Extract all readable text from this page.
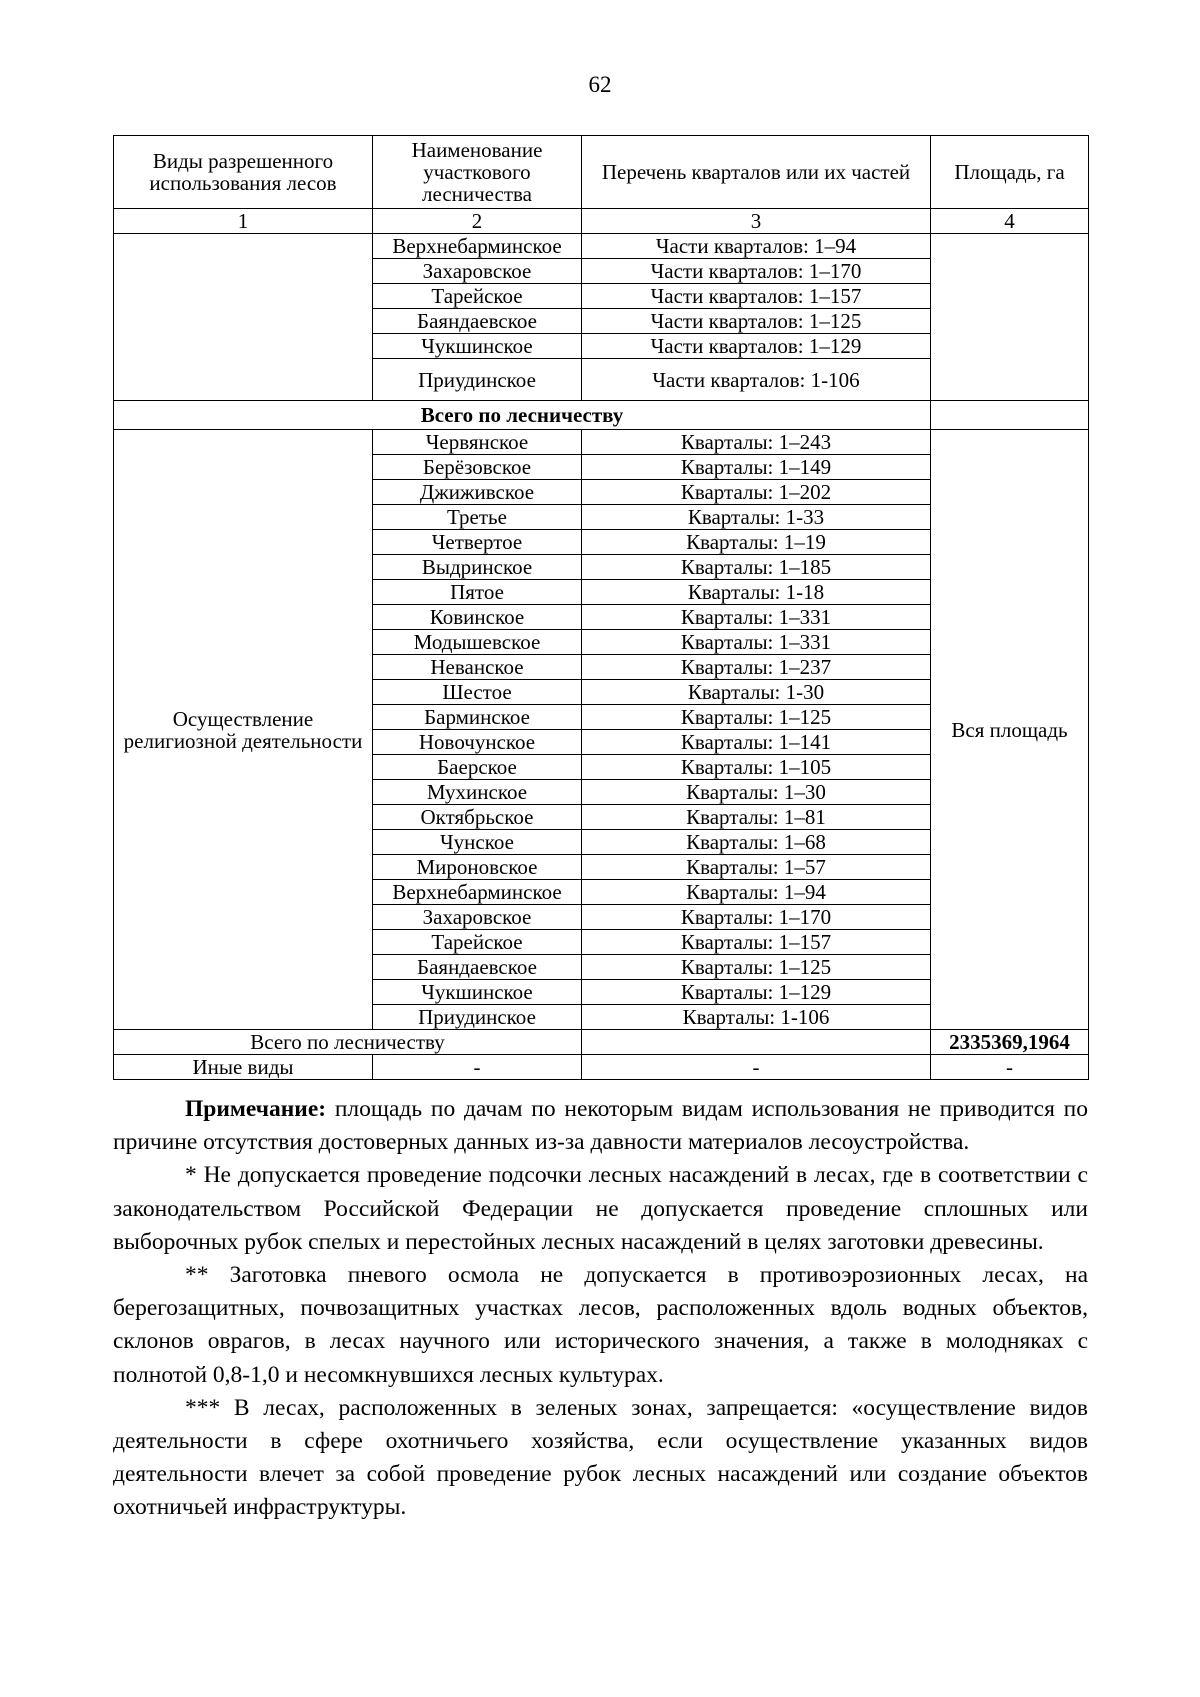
62
Виды разрешенного использования лесов	Наименование участкового лесничества	Перечень кварталов или их частей	Площадь, га
1	2	3	4
	Верхнебарминское	Части кварталов: 1–94	
	Захаровское	Части кварталов: 1–170	
	Тарейское	Части кварталов: 1–157	
	Баяндаевское	Части кварталов: 1–125	
	Чукшинское	Части кварталов: 1–129	
	Приудинское	Части кварталов: 1-106	
Всего по лесничеству			
Осуществление религиозной деятельности	Червянское	Кварталы: 1–243	Вся площадь
	Берёзовское	Кварталы: 1–149	
	Джиживское	Кварталы: 1–202	
	Третье	Кварталы: 1-33	
	Четвертое	Кварталы: 1–19	
	Выдринское	Кварталы: 1–185	
	Пятое	Кварталы: 1-18	
	Ковинское	Кварталы: 1–331	
	Модышевское	Кварталы: 1–331	
	Неванское	Кварталы: 1–237	
	Шестое	Кварталы: 1-30	
	Барминское	Кварталы: 1–125	
	Новочунское	Кварталы: 1–141	
	Баерское	Кварталы: 1–105	
	Мухинское	Кварталы: 1–30	
	Октябрьское	Кварталы: 1–81	
	Чунское	Кварталы: 1–68	
	Мироновское	Кварталы: 1–57	
	Верхнебарминское	Кварталы: 1–94	
	Захаровское	Кварталы: 1–170	
	Тарейское	Кварталы: 1–157	
	Баяндаевское	Кварталы: 1–125	
	Чукшинское	Кварталы: 1–129	
	Приудинское	Кварталы: 1-106	
Всего по лесничеству			2335369,1964
Иные виды	-	-	-

Примечание: площадь по дачам по некоторым видам использования не приводится по причине отсутствия достоверных данных из-за давности материалов лесоустройства.

* Не допускается проведение подсочки лесных насаждений в лесах, где в соответствии с законодательством Российской Федерации не допускается проведение сплошных или выборочных рубок спелых и перестойных лесных насаждений в целях заготовки древесины.

** Заготовка пневого осмола не допускается в противоэрозионных лесах, на берегозащитных, почвозащитных участках лесов, расположенных вдоль водных объектов, склонов оврагов, в лесах научного или исторического значения, а также в молодняках с полнотой 0,8-1,0 и несомкнувшихся лесных культурах.

*** В лесах, расположенных в зеленых зонах, запрещается: «осуществление видов деятельности в сфере охотничьего хозяйства, если осуществление указанных видов деятельности влечет за собой проведение рубок лесных насаждений или создание объектов охотничьей инфраструктуры.
